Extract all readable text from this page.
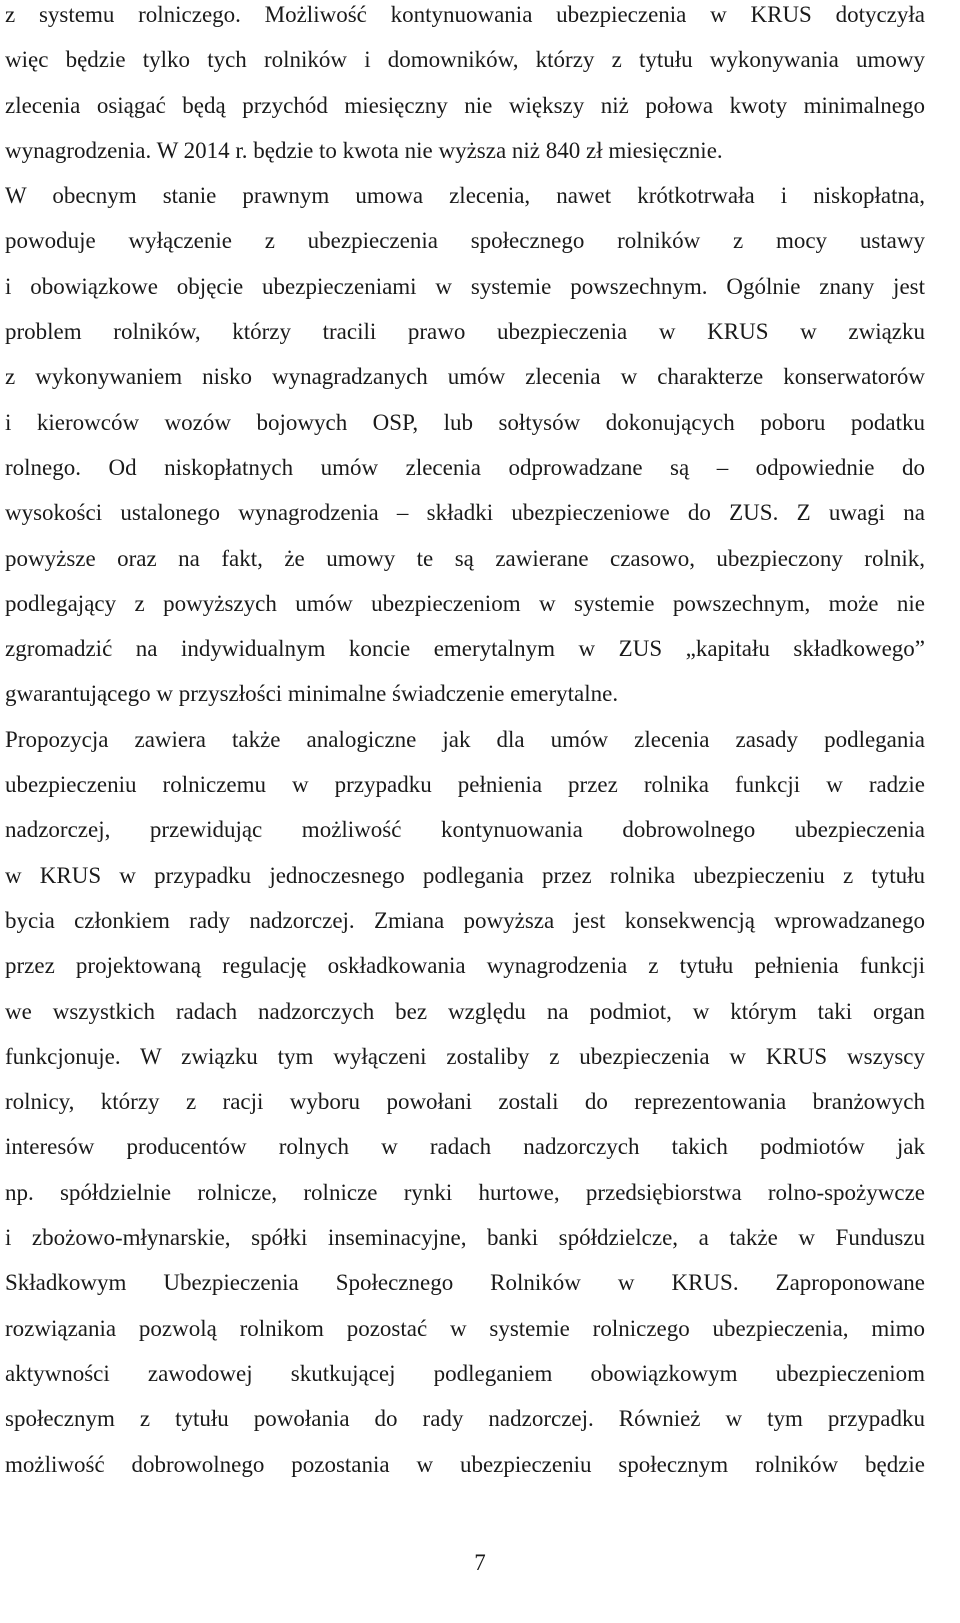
z systemu rolniczego. Możliwość kontynuowania ubezpieczenia w KRUS dotyczyła
więc będzie tylko tych rolników i domowników, którzy z tytułu wykonywania umowy
zlecenia osiągać będą przychód miesięczny nie większy niż połowa kwoty minimalnego
wynagrodzenia. W 2014 r. będzie to kwota nie wyższa niż 840 zł miesięcznie.
W obecnym stanie prawnym umowa zlecenia, nawet krótkotrwała i niskopłatna,
powoduje wyłączenie z ubezpieczenia społecznego rolników z mocy ustawy
i obowiązkowe objęcie ubezpieczeniami w systemie powszechnym. Ogólnie znany jest
problem rolników, którzy tracili prawo ubezpieczenia w KRUS w związku
z wykonywaniem nisko wynagradzanych umów zlecenia w charakterze konserwatorów
i kierowców wozów bojowych OSP, lub sołtysów dokonujących poboru podatku
rolnego. Od niskopłatnych umów zlecenia odprowadzane są – odpowiednie do
wysokości ustalonego wynagrodzenia – składki ubezpieczeniowe do ZUS. Z uwagi na
powyższe oraz na fakt, że umowy te są zawierane czasowo, ubezpieczony rolnik,
podlegający z powyższych umów ubezpieczeniom w systemie powszechnym, może nie
zgromadzić na indywidualnym koncie emerytalnym w ZUS „kapitału składkowego”
gwarantującego w przyszłości minimalne świadczenie emerytalne.
Propozycja zawiera także analogiczne jak dla umów zlecenia zasady podlegania
ubezpieczeniu rolniczemu w przypadku pełnienia przez rolnika funkcji w radzie
nadzorczej, przewidując możliwość kontynuowania dobrowolnego ubezpieczenia
w KRUS w przypadku jednoczesnego podlegania przez rolnika ubezpieczeniu z tytułu
bycia członkiem rady nadzorczej. Zmiana powyższa jest konsekwencją wprowadzanego
przez projektowaną regulację oskładkowania wynagrodzenia z tytułu pełnienia funkcji
we wszystkich radach nadzorczych bez względu na podmiot, w którym taki organ
funkcjonuje. W związku tym wyłączeni zostaliby z ubezpieczenia w KRUS wszyscy
rolnicy, którzy z racji wyboru powołani zostali do reprezentowania branżowych
interesów producentów rolnych w radach nadzorczych takich podmiotów jak
np. spółdzielnie rolnicze, rolnicze rynki hurtowe, przedsiębiorstwa rolno-spożywcze
i zbożowo-młynarskie, spółki inseminacyjne, banki spółdzielcze, a także w Funduszu
Składkowym Ubezpieczenia Społecznego Rolników w KRUS. Zaproponowane
rozwiązania pozwolą rolnikom pozostać w systemie rolniczego ubezpieczenia, mimo
aktywności zawodowej skutkującej podleganiem obowiązkowym ubezpieczeniom
społecznym z tytułu powołania do rady nadzorczej. Również w tym przypadku
możliwość dobrowolnego pozostania w ubezpieczeniu społecznym rolników będzie
7
